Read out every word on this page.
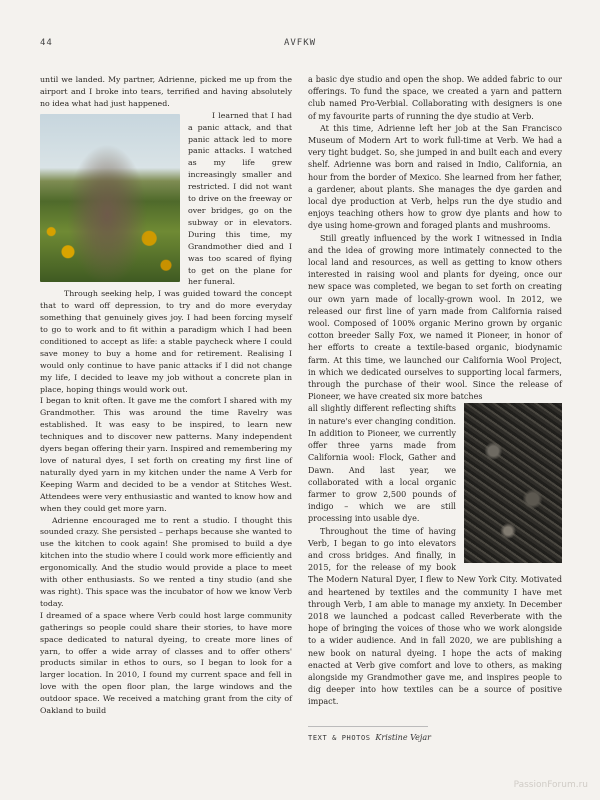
44	AVFKW

until we landed. My partner, Adrienne, picked me up from the airport and I broke into tears, terrified and having absolutely no idea what had just happened.

I learned that I had a panic attack, and that panic attack led to more panic attacks. I watched as my life grew increasingly smaller and restricted. I did not want to drive on the freeway or over bridges, go on the subway or in elevators. During this time, my Grandmother died and I was too scared of flying to get on the plane for her funeral.

Through seeking help, I was guided toward the concept that to ward off depression, to try and do more everyday something that genuinely gives joy. I had been forcing myself to go to work and to fit within a paradigm which I had been conditioned to accept as life: a stable paycheck where I could save money to buy a home and for retirement. Realising I would only continue to have panic attacks if I did not change my life, I decided to leave my job without a concrete plan in place, hoping things would work out.

I began to knit often. It gave me the comfort I shared with my Grandmother. This was around the time Ravelry was established. It was easy to be inspired, to learn new techniques and to discover new patterns. Many independent dyers began offering their yarn. Inspired and remembering my love of natural dyes, I set forth on creating my first line of naturally dyed yarn in my kitchen under the name A Verb for Keeping Warm and decided to be a vendor at Stitches West. Attendees were very enthusiastic and wanted to know how and when they could get more yarn.

Adrienne encouraged me to rent a studio. I thought this sounded crazy. She persisted – perhaps because she wanted to use the kitchen to cook again! She promised to build a dye kitchen into the studio where I could work more efficiently and ergonomically. And the studio would provide a place to meet with other enthusiasts. So we rented a tiny studio (and she was right). This space was the incubator of how we know Verb today.

I dreamed of a space where Verb could host large community gatherings so people could share their stories, to have more space dedicated to natural dyeing, to create more lines of yarn, to offer a wide array of classes and to offer others' products similar in ethos to ours, so I began to look for a larger location. In 2010, I found my current space and fell in love with the open floor plan, the large windows and the outdoor space. We received a matching grant from the city of Oakland to build

a basic dye studio and open the shop. We added fabric to our offerings. To fund the space, we created a yarn and pattern club named Pro-Verbial. Collaborating with designers is one of my favourite parts of running the dye studio at Verb.

At this time, Adrienne left her job at the San Francisco Museum of Modern Art to work full-time at Verb. We had a very tight budget. So, she jumped in and built each and every shelf. Adrienne was born and raised in Indio, California, an hour from the border of Mexico. She learned from her father, a gardener, about plants. She manages the dye garden and local dye production at Verb, helps run the dye studio and enjoys teaching others how to grow dye plants and how to dye using home-grown and foraged plants and mushrooms.

Still greatly influenced by the work I witnessed in India and the idea of growing more intimately connected to the local land and resources, as well as getting to know others interested in raising wool and plants for dyeing, once our new space was completed, we began to set forth on creating our own yarn made of locally-grown wool. In 2012, we released our first line of yarn made from California raised wool. Composed of 100% organic Merino grown by organic cotton breeder Sally Fox, we named it Pioneer, in honor of her efforts to create a textile-based organic, biodynamic farm. At this time, we launched our California Wool Project, in which we dedicated ourselves to supporting local farmers, through the purchase of their wool. Since the release of Pioneer, we have created six more batches

all slightly different reflecting shifts in nature's ever changing condition. In addition to Pioneer, we currently offer three yarns made from California wool: Flock, Gather and Dawn. And last year, we collaborated with a local organic farmer to grow 2,500 pounds of indigo – which we are still processing into usable dye.

Throughout the time of having Verb, I began to go into elevators and cross bridges. And finally, in 2015, for the release of my book The Modern Natural Dyer, I flew to New York City. Motivated and heartened by textiles and the community I have met through Verb, I am able to manage my anxiety. In December 2018 we launched a podcast called Reverberate with the hope of bringing the voices of those who we work alongside to a wider audience. And in fall 2020, we are publishing a new book on natural dyeing. I hope the acts of making enacted at Verb give comfort and love to others, as making alongside my Grandmother gave me, and inspires people to dig deeper into how textiles can be a source of positive impact.

TEXT & PHOTOS Kristine Vejar
PassionForum.ru
